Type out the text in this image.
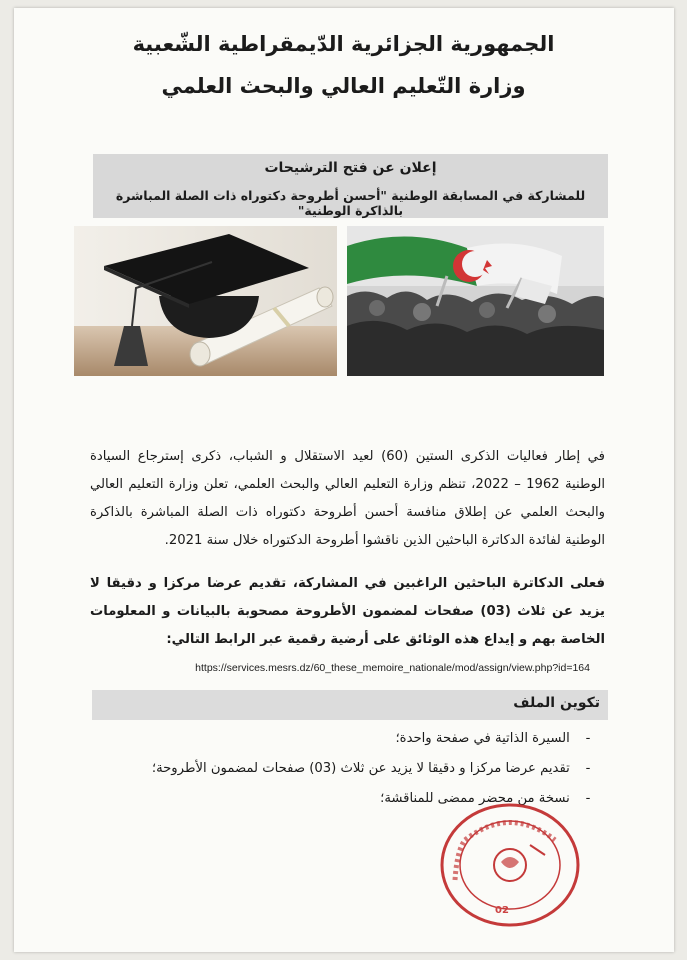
الجمهورية الجزائرية الدّيمقراطية الشّعبية
وزارة التّعليم العالي والبحث العلمي
إعلان عن فتح الترشيحات
للمشاركة في المسابقة الوطنية "أحسن أطروحة دكتوراه ذات الصلة المباشرة بالذاكرة الوطنية"
في إطار فعاليات الذكرى الستين (60) لعيد الاستقلال و الشباب، ذكرى إسترجاع السيادة الوطنية 1962 – 2022، تنظم وزارة التعليم العالي والبحث العلمي، تعلن وزارة التعليم العالي والبحث العلمي عن إطلاق منافسة أحسن أطروحة دكتوراه ذات الصلة المباشرة بالذاكرة الوطنية لفائدة الدكاترة الباحثين الذين ناقشوا أطروحة الدكتوراه خلال سنة 2021.
فعلى الدكاترة الباحثين الراغبين في المشاركة، تقديم عرضا مركزا و دقيقا لا يزيد عن ثلاث (03) صفحات لمضمون الأطروحة مصحوبة بالبيانات و المعلومات الخاصة بهم و إيداع هذه الوثائق على أرضية رقمية عبر الرابط التالي:
https://services.mesrs.dz/60_these_memoire_nationale/mod/assign/view.php?id=164
تكوين الملف
- السيرة الذاتية في صفحة واحدة؛
- تقديم عرضا مركزا و دقيقا لا يزيد عن ثلاث (03) صفحات لمضمون الأطروحة؛
- نسخة من محضر ممضى للمناقشة؛
02
